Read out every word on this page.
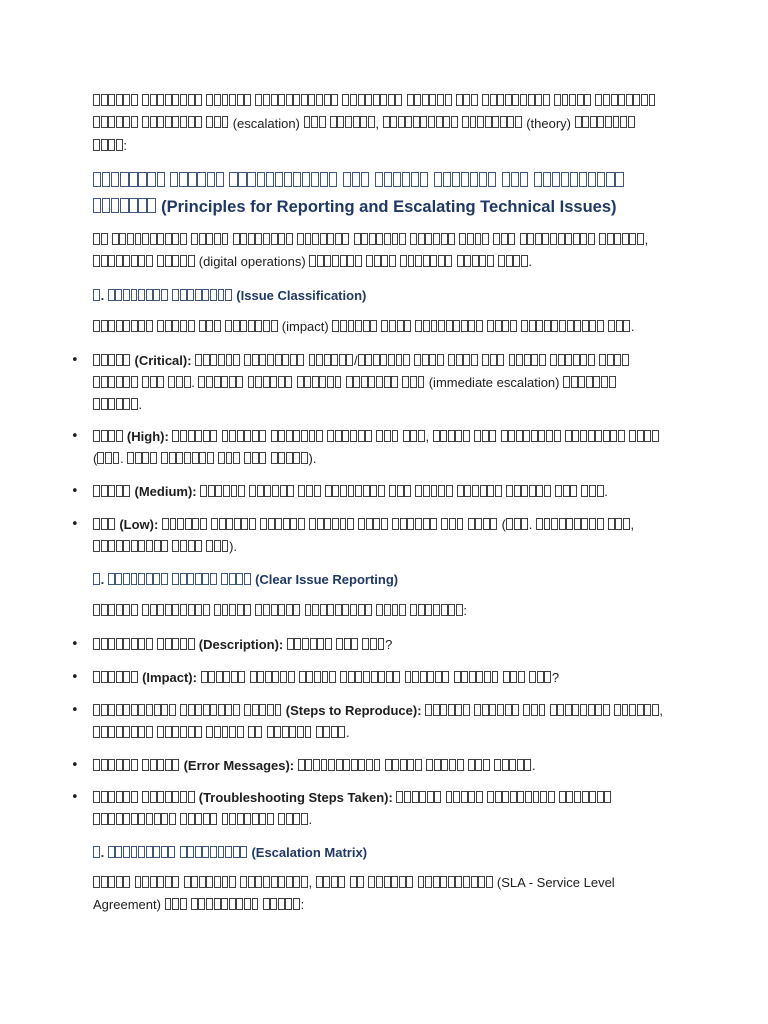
(escalation)	,	(theory)
:

(Principles for Reporting and Escalating Technical Issues)

,
(digital operations)	.

.	(Issue Classification)

(impact)	.

•  (Critical):	/
.	(immediate escalation)
.
•  (High):	,
( .	).
•  (Medium):	.
•  (Low):	( .	,
).
.	(Clear Issue Reporting)

:

•   (Description):	?
•  (Impact):	?
•    (Steps to Reproduce):	,
.
•   (Error Messages):	.
•   (Troubleshooting Steps Taken):
.
.	(Escalation Matrix)

,	(SLA - Service Level
Agreement)	:
